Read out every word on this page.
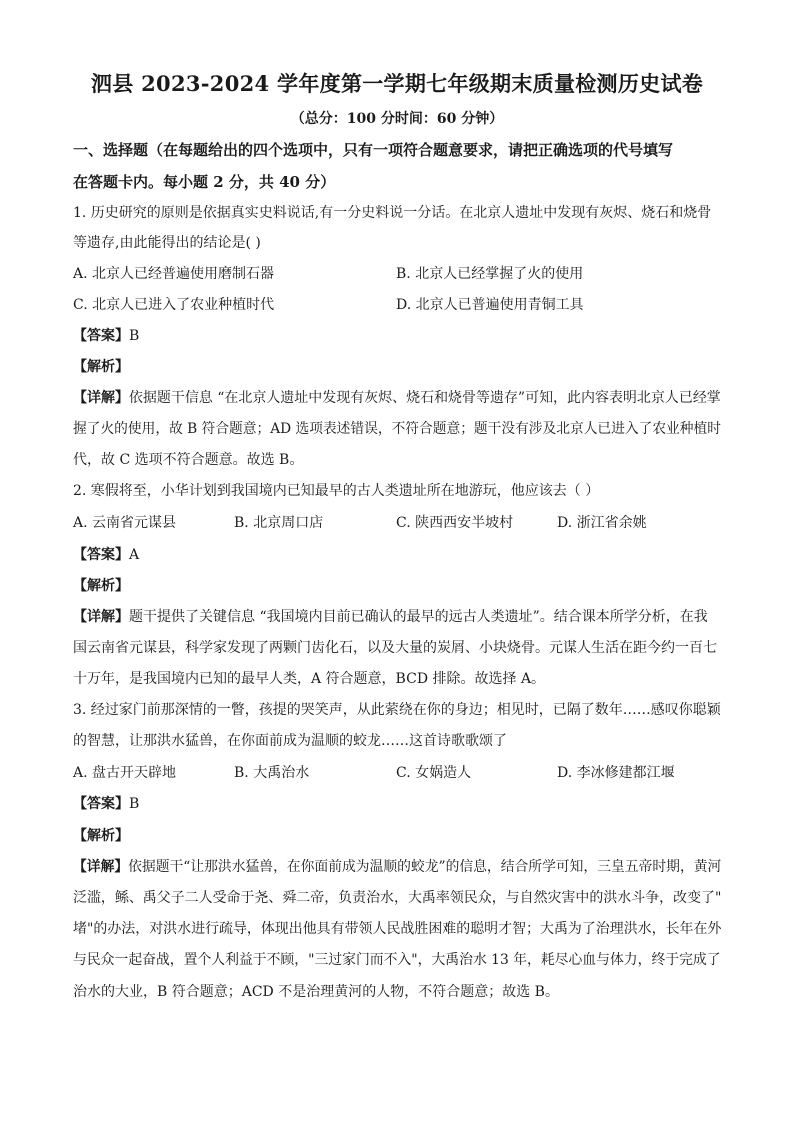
泗县 2023-2024 学年度第一学期七年级期末质量检测历史试卷
（总分：100 分时间：60 分钟）
一、选择题（在每题给出的四个选项中，只有一项符合题意要求，请把正确选项的代号填写
在答题卡内。每小题 2 分，共 40 分）
1. 历史研究的原则是依据真实史料说话,有一分史料说一分话。在北京人遗址中发现有灰烬、烧石和烧骨
等遗存,由此能得出的结论是( )
A. 北京人已经普遍使用磨制石器	B. 北京人已经掌握了火的使用
C. 北京人已进入了农业种植时代	D. 北京人已普遍使用青铜工具
【答案】B
【解析】
【详解】依据题干信息 “在北京人遗址中发现有灰烬、烧石和烧骨等遗存”可知，此内容表明北京人已经掌
握了火的使用，故 B 符合题意；AD 选项表述错误，不符合题意；题干没有涉及北京人已进入了农业种植时
代，故 C 选项不符合题意。故选 B。
2. 寒假将至，小华计划到我国境内已知最早的古人类遗址所在地游玩，他应该去（ ）
A. 云南省元谋县	B. 北京周口店	C. 陕西西安半坡村	D. 浙江省余姚
【答案】A
【解析】
【详解】题干提供了关键信息 “我国境内目前已确认的最早的远古人类遗址”。结合课本所学分析，在我
国云南省元谋县，科学家发现了两颗门齿化石，以及大量的炭屑、小块烧骨。元谋人生活在距今约一百七
十万年，是我国境内已知的最早人类，A 符合题意，BCD 排除。故选择 A。
3. 经过家门前那深情的一瞥，孩提的哭笑声，从此萦绕在你的身边；相见时，已隔了数年……感叹你聪颖
的智慧，让那洪水猛兽，在你面前成为温顺的蛟龙……这首诗歌歌颂了
A. 盘古开天辟地	B. 大禹治水	C. 女娲造人	D. 李冰修建都江堰
【答案】B
【解析】
【详解】依据题干“让那洪水猛兽，在你面前成为温顺的蛟龙”的信息，结合所学可知，三皇五帝时期，黄河
泛滥，鲧、禹父子二人受命于尧、舜二帝，负责治水，大禹率领民众，与自然灾害中的洪水斗争，改变了"
堵"的办法，对洪水进行疏导，体现出他具有带领人民战胜困难的聪明才智；大禹为了治理洪水，长年在外
与民众一起奋战，置个人利益于不顾，"三过家门而不入"，大禹治水 13 年，耗尽心血与体力，终于完成了
治水的大业，B 符合题意；ACD 不是治理黄河的人物，不符合题意；故选 B。
